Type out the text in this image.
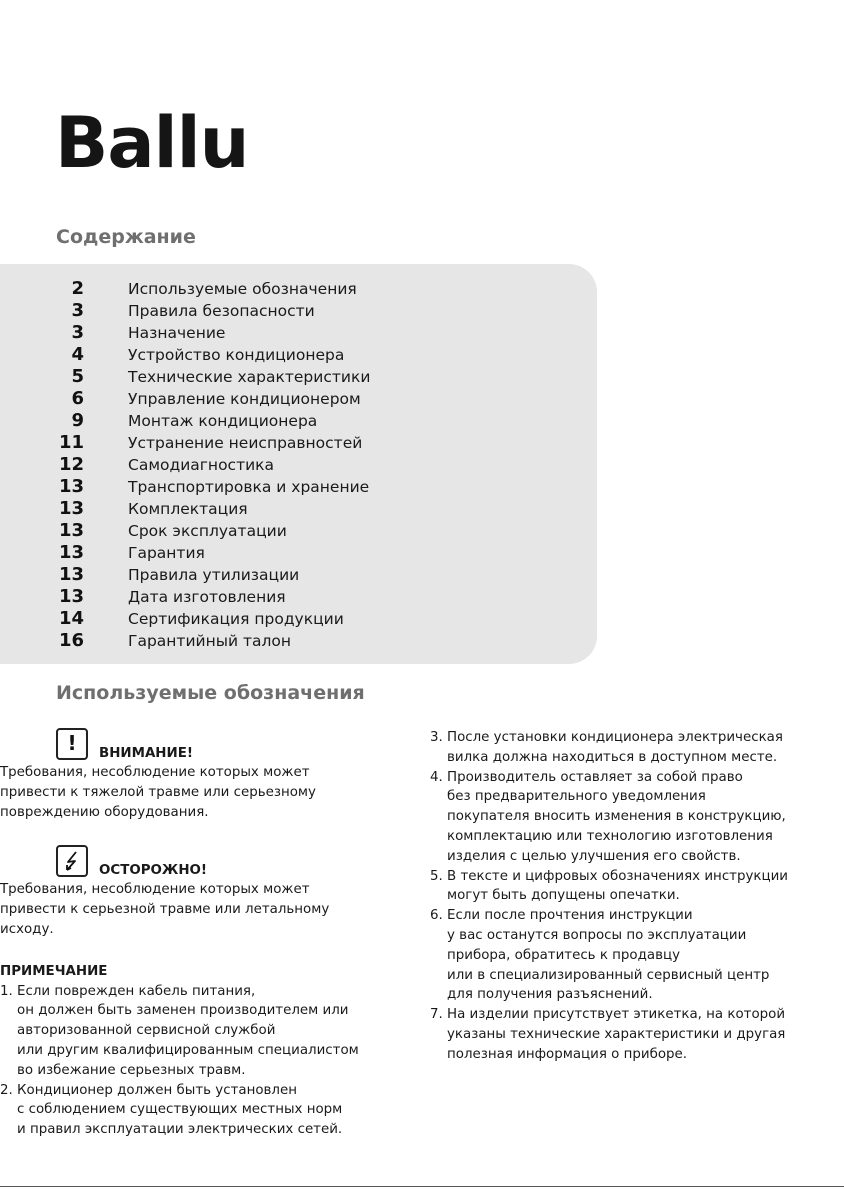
Ballu
Содержание
2	Используемые обозначения
3	Правила безопасности
3	Назначение
4	Устройство кондиционера
5	Технические характеристики
6	Управление кондиционером
9	Монтаж кондиционера
11	Устранение неисправностей
12	Самодиагностика
13	Транспортировка и хранение
13	Комплектация
13	Срок эксплуатации
13	Гарантия
13	Правила утилизации
13	Дата изготовления
14	Сертификация продукции
16	Гарантийный талон
Используемые обозначения
!	ВНИМАНИЕ!
Требования, несоблюдение которых может
привести к тяжелой травме или серьезному
повреждению оборудования.
ОСТОРОЖНО!
Требования, несоблюдение которых может
привести к серьезной травме или летальному
исходу.
ПРИМЕЧАНИЕ
1. Если поврежден кабель питания,
он должен быть заменен производителем или
авторизованной сервисной службой
или другим квалифицированным специалистом
во избежание серьезных травм.
2. Кондиционер должен быть установлен
с соблюдением существующих местных норм
и правил эксплуатации электрических сетей.
3. После установки кондиционера электрическая
вилка должна находиться в доступном месте.
4. Производитель оставляет за собой право
без предварительного уведомления
покупателя вносить изменения в конструкцию,
комплектацию или технологию изготовления
изделия с целью улучшения его свойств.
5. В тексте и цифровых обозначениях инструкции
могут быть допущены опечатки.
6. Если после прочтения инструкции
у вас останутся вопросы по эксплуатации
прибора, обратитесь к продавцу
или в специализированный сервисный центр
для получения разъяснений.
7. На изделии присутствует этикетка, на которой
указаны технические характеристики и другая
полезная информация о приборе.
